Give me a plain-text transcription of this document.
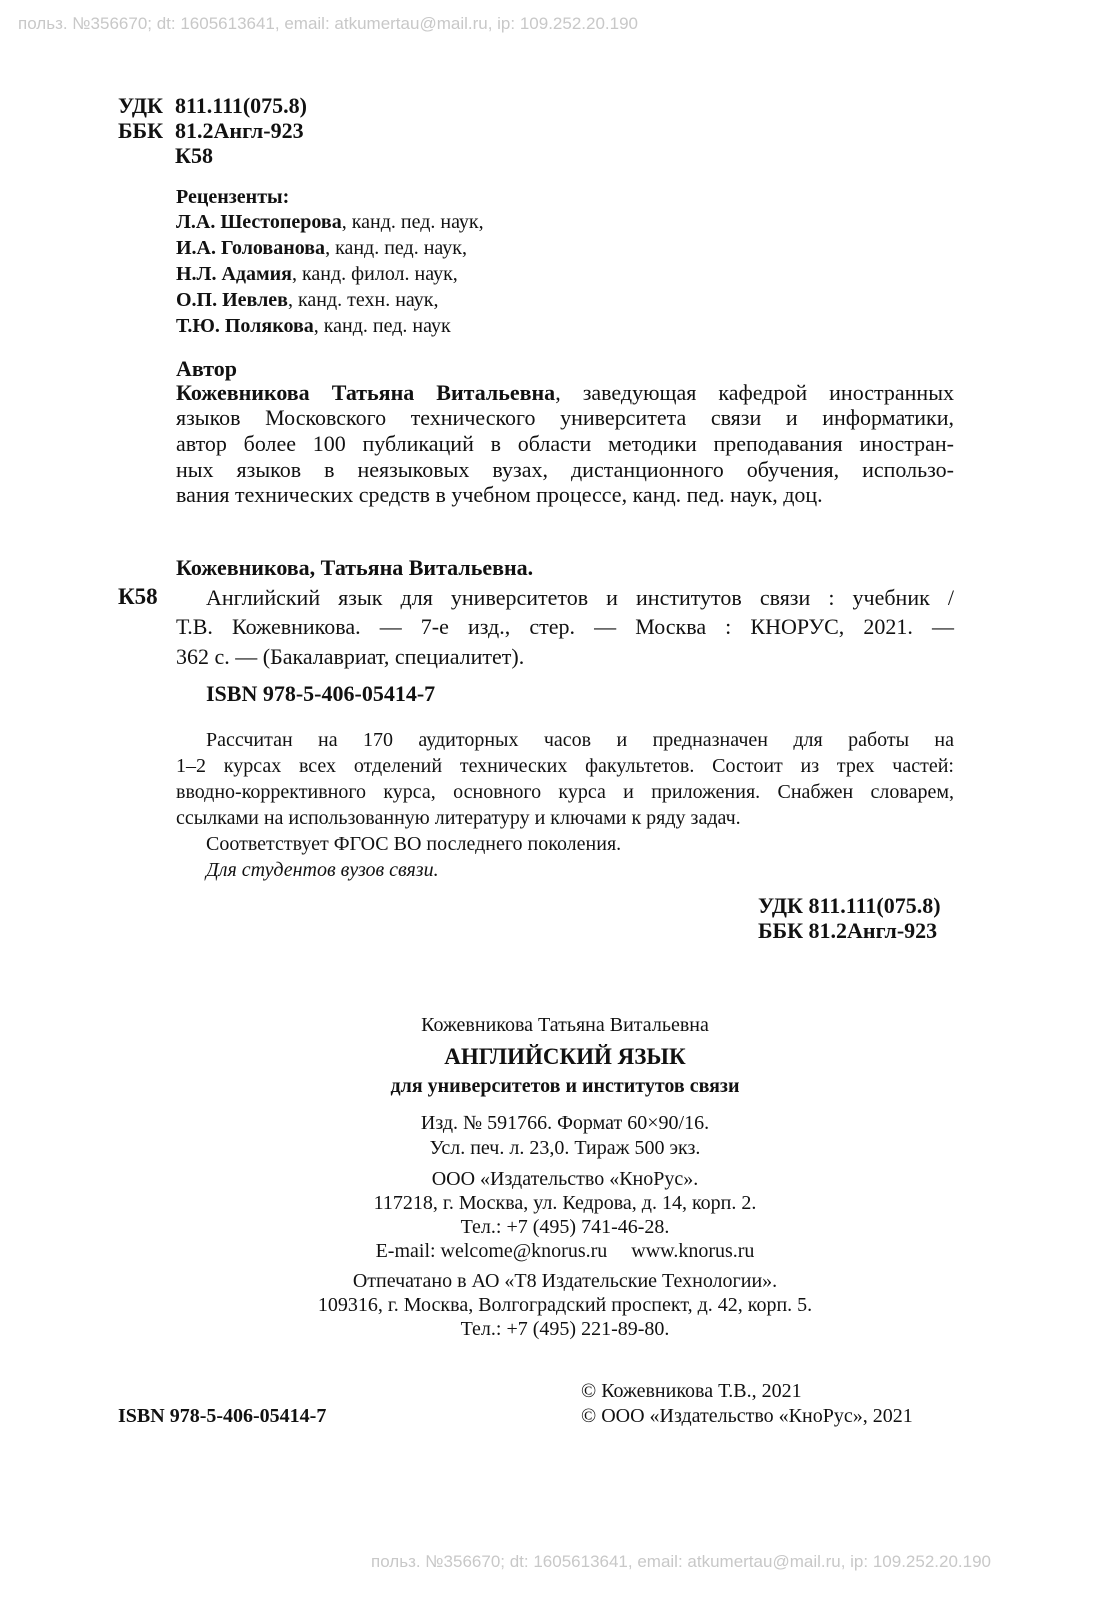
польз. №356670; dt: 1605613641, email: atkumertau@mail.ru, ip: 109.252.20.190
польз. №356670; dt: 1605613641, email: atkumertau@mail.ru, ip: 109.252.20.190
УДК 811.111(075.8)
ББК 81.2Англ-923
К58
Рецензенты:
Л.А. Шестоперова, канд. пед. наук,
И.А. Голованова, канд. пед. наук,
Н.Л. Адамия, канд. филол. наук,
О.П. Иевлев, канд. техн. наук,
Т.Ю. Полякова, канд. пед. наук
Автор
Кожевникова Татьяна Витальевна, заведующая кафедрой иностранных
языков Московского технического университета связи и информатики,
автор более 100 публикаций в области методики преподавания иностран-
ных языков в неязыковых вузах, дистанционного обучения, использо-
вания технических средств в учебном процессе, канд. пед. наук, доц.
Кожевникова, Татьяна Витальевна.
К58 Английский язык для университетов и институтов связи : учебник /
Т.В. Кожевникова. — 7-е изд., стер. — Москва : КНОРУС, 2021. —
362 с. — (Бакалавриат, специалитет).
ISBN 978-5-406-05414-7
Рассчитан на 170 аудиторных часов и предназначен для работы на
1–2 курсах всех отделений технических факультетов. Состоит из трех частей:
вводно-коррективного курса, основного курса и приложения. Снабжен словарем,
ссылками на использованную литературу и ключами к ряду задач.
Соответствует ФГОС ВО последнего поколения.
Для студентов вузов связи.
УДК 811.111(075.8)
ББК 81.2Англ-923
Кожевникова Татьяна Витальевна
АНГЛИЙСКИЙ ЯЗЫК
для университетов и институтов связи
Изд. № 591766. Формат 60×90/16.
Усл. печ. л. 23,0. Тираж 500 экз.
ООО «Издательство «КноРус».
117218, г. Москва, ул. Кедрова, д. 14, корп. 2.
Тел.: +7 (495) 741-46-28.
E-mail: welcome@knorus.ru www.knorus.ru
Отпечатано в АО «Т8 Издательские Технологии».
109316, г. Москва, Волгоградский проспект, д. 42, корп. 5.
Тел.: +7 (495) 221-89-80.
ISBN 978-5-406-05414-7
© Кожевникова Т.В., 2021
© ООО «Издательство «КноРус», 2021
